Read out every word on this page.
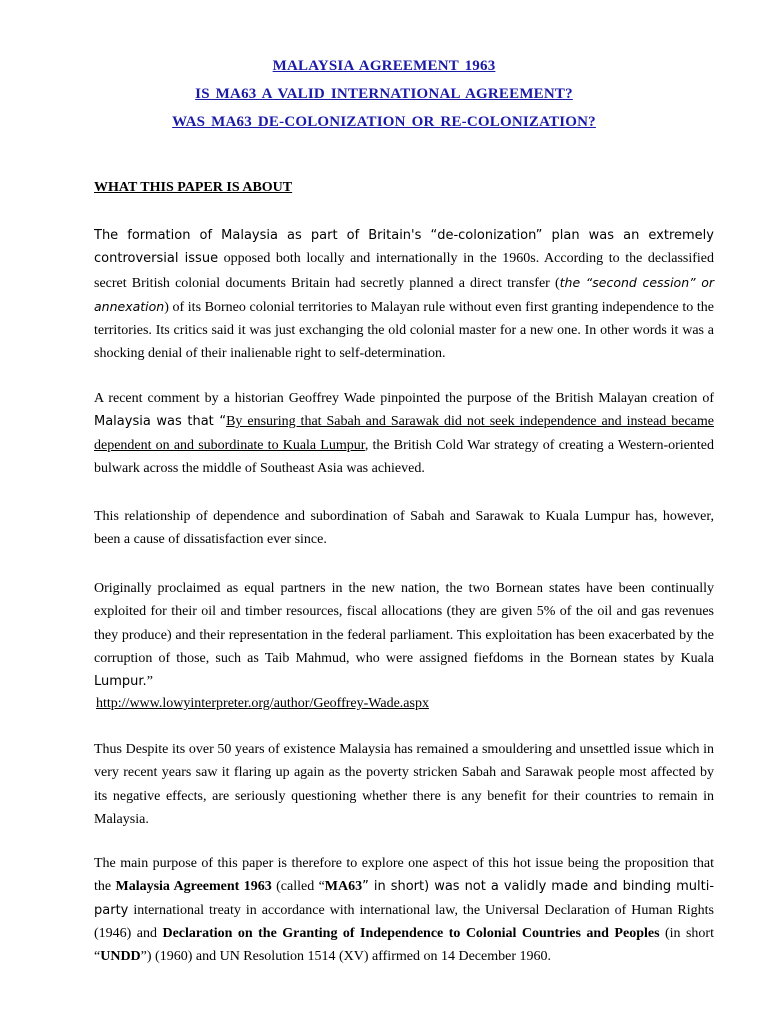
MALAYSIA AGREEMENT 1963
IS MA63 A VALID INTERNATIONAL AGREEMENT?
WAS MA63 DE-COLONIZATION OR RE-COLONIZATION?
WHAT THIS PAPER IS ABOUT

The formation of Malaysia as part of Britain's “de-colonization” plan was an extremely controversial issue opposed both locally and internationally in the 1960s. According to the declassified secret British colonial documents Britain had secretly planned a direct transfer (the “second cession” or annexation) of its Borneo colonial territories to Malayan rule without even first granting independence to the territories. Its critics said it was just exchanging the old colonial master for a new one. In other words it was a shocking denial of their inalienable right to self-determination.

A recent comment by a historian Geoffrey Wade pinpointed the purpose of the British Malayan creation of Malaysia was that “By ensuring that Sabah and Sarawak did not seek independence and instead became dependent on and subordinate to Kuala Lumpur, the British Cold War strategy of creating a Western-oriented bulwark across the middle of Southeast Asia was achieved.

This relationship of dependence and subordination of Sabah and Sarawak to Kuala Lumpur has, however, been a cause of dissatisfaction ever since.

Originally proclaimed as equal partners in the new nation, the two Bornean states have been continually exploited for their oil and timber resources, fiscal allocations (they are given 5% of the oil and gas revenues they produce) and their representation in the federal parliament. This exploitation has been exacerbated by the corruption of those, such as Taib Mahmud, who were assigned fiefdoms in the Bornean states by Kuala Lumpur.”

http://www.lowyinterpreter.org/author/Geoffrey-Wade.aspx

Thus Despite its over 50 years of existence Malaysia has remained a smouldering and unsettled issue which in very recent years saw it flaring up again as the poverty stricken Sabah and Sarawak people most affected by its negative effects, are seriously questioning whether there is any benefit for their countries to remain in Malaysia.

The main purpose of this paper is therefore to explore one aspect of this hot issue being the proposition that the Malaysia Agreement 1963 (called “MA63” in short) was not a validly made and binding multi-party international treaty in accordance with international law, the Universal Declaration of Human Rights (1946) and Declaration on the Granting of Independence to Colonial Countries and Peoples (in short “UNDD”) (1960) and UN Resolution 1514 (XV) affirmed on 14 December 1960.
